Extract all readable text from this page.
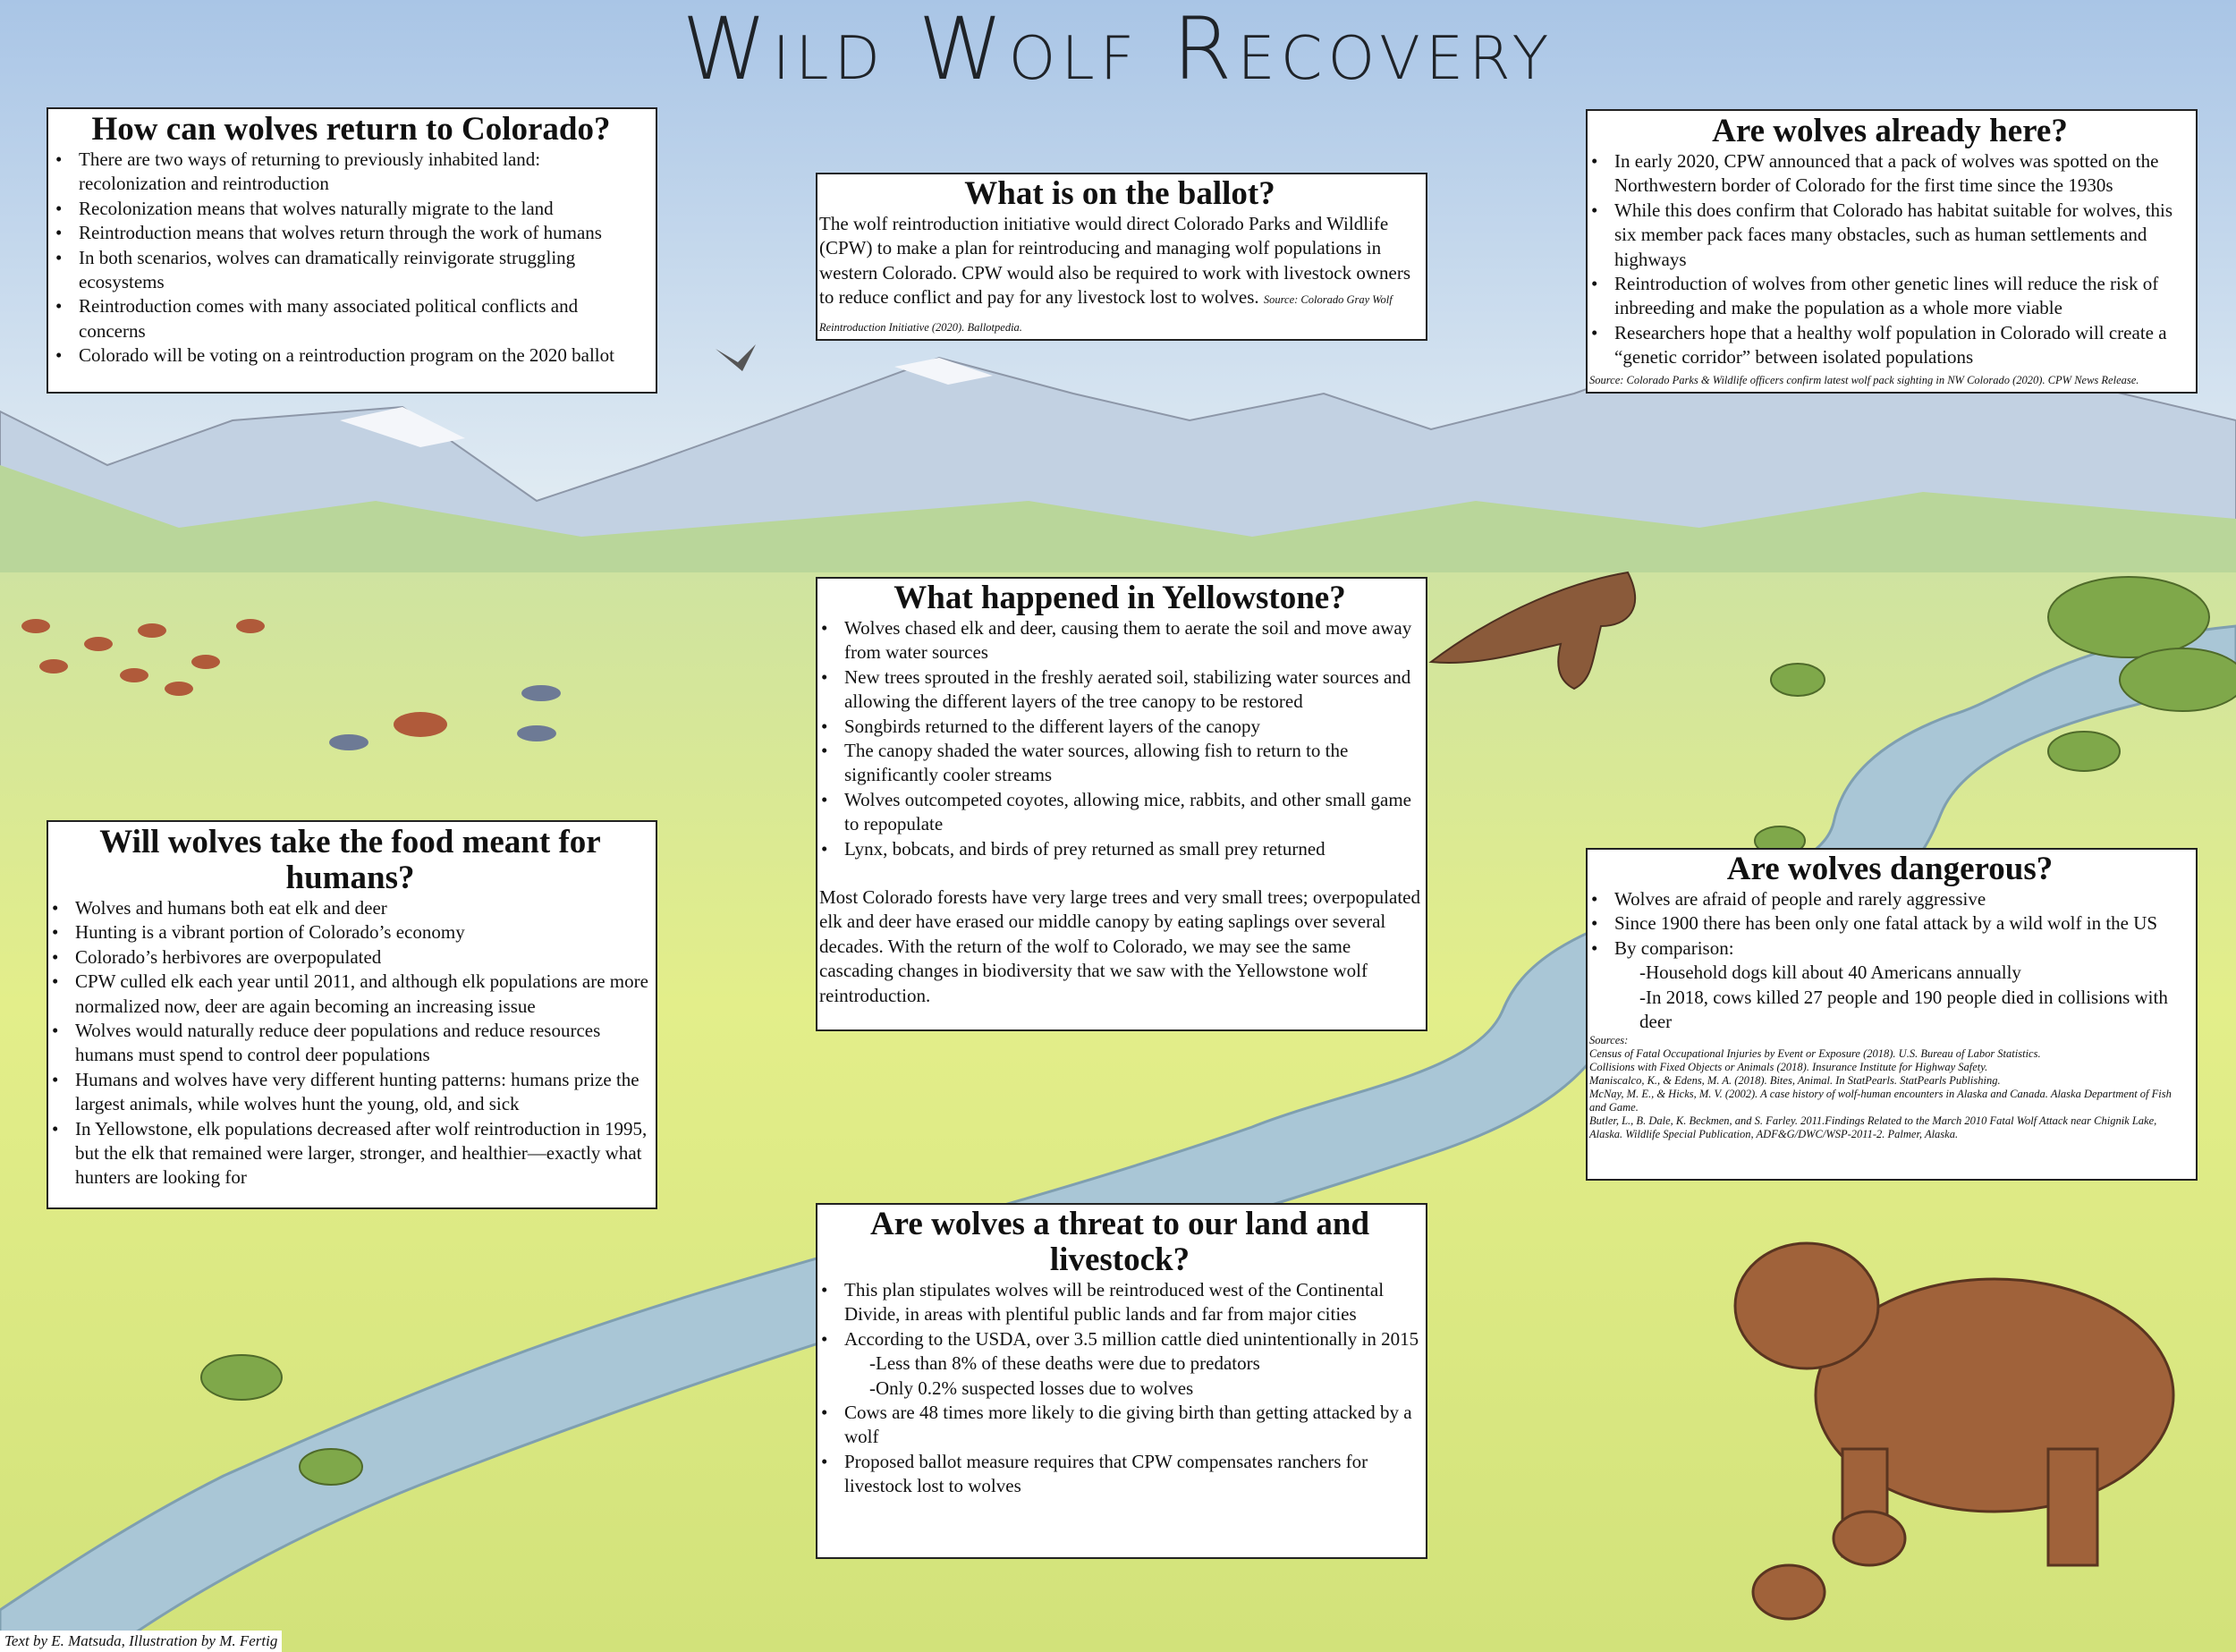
Wild Wolf Recovery
How can wolves return to Colorado?
• There are two ways of returning to previously inhabited land: recolonization and reintroduction
• Recolonization means that wolves naturally migrate to the land
• Reintroduction means that wolves return through the work of humans
• In both scenarios, wolves can dramatically reinvigorate struggling ecosystems
• Reintroduction comes with many associated political conflicts and concerns
• Colorado will be voting on a reintroduction program on the 2020 ballot
What is on the ballot?

The wolf reintroduction initiative would direct Colorado Parks and Wildlife (CPW) to make a plan for reintroducing and managing wolf populations in western Colorado. CPW would also be required to work with livestock owners to reduce conflict and pay for any livestock lost to wolves. Source: Colorado Gray Wolf Reintroduction Initiative (2020). Ballotpedia.

Are wolves already here?
• In early 2020, CPW announced that a pack of wolves was spotted on the Northwestern border of Colorado for the first time since the 1930s
• While this does confirm that Colorado has habitat suitable for wolves, this six member pack faces many obstacles, such as human settlements and highways
• Reintroduction of wolves from other genetic lines will reduce the risk of inbreeding and make the population as a whole more viable
• Researchers hope that a healthy wolf population in Colorado will create a “genetic corridor” between isolated populations
Source: Colorado Parks & Wildlife officers confirm latest wolf pack sighting in NW Colorado (2020). CPW News Release.
What happened in Yellowstone?
• Wolves chased elk and deer, causing them to aerate the soil and move away from water sources
• New trees sprouted in the freshly aerated soil, stabilizing water sources and allowing the different layers of the tree canopy to be restored
• Songbirds returned to the different layers of the canopy
• The canopy shaded the water sources, allowing fish to return to the significantly cooler streams
• Wolves outcompeted coyotes, allowing mice, rabbits, and other small game to repopulate
• Lynx, bobcats, and birds of prey returned as small prey returned

Most Colorado forests have very large trees and very small trees; overpopulated elk and deer have erased our middle canopy by eating saplings over several decades. With the return of the wolf to Colorado, we may see the same cascading changes in biodiversity that we saw with the Yellowstone wolf reintroduction.

Will wolves take the food meant for humans?
• Wolves and humans both eat elk and deer
• Hunting is a vibrant portion of Colorado’s economy
• Colorado’s herbivores are overpopulated
• CPW culled elk each year until 2011, and although elk populations are more normalized now, deer are again becoming an increasing issue
• Wolves would naturally reduce deer populations and reduce resources humans must spend to control deer populations
• Humans and wolves have very different hunting patterns: humans prize the largest animals, while wolves hunt the young, old, and sick
• In Yellowstone, elk populations decreased after wolf reintroduction in 1995, but the elk that remained were larger, stronger, and healthier—exactly what hunters are looking for
Are wolves dangerous?
• Wolves are afraid of people and rarely aggressive
• Since 1900 there has been only one fatal attack by a wild wolf in the US
• By comparison:
-Household dogs kill about 40 Americans annually
-In 2018, cows killed 27 people and 190 people died in collisions with deer
Sources:
Census of Fatal Occupational Injuries by Event or Exposure (2018). U.S. Bureau of Labor Statistics.
Collisions with Fixed Objects or Animals (2018). Insurance Institute for Highway Safety.
Maniscalco, K., & Edens, M. A. (2018). Bites, Animal. In StatPearls. StatPearls Publishing.
McNay, M. E., & Hicks, M. V. (2002). A case history of wolf-human encounters in Alaska and Canada. Alaska Department of Fish and Game.
Butler, L., B. Dale, K. Beckmen, and S. Farley. 2011.Findings Related to the March 2010 Fatal Wolf Attack near Chignik Lake, Alaska. Wildlife Special Publication, ADF&G/DWC/WSP-2011-2. Palmer, Alaska.
Are wolves a threat to our land and livestock?
• This plan stipulates wolves will be reintroduced west of the Continental Divide, in areas with plentiful public lands and far from major cities
• According to the USDA, over 3.5 million cattle died unintentionally in 2015
-Less than 8% of these deaths were due to predators
-Only 0.2% suspected losses due to wolves
• Cows are 48 times more likely to die giving birth than getting attacked by a wolf
• Proposed ballot measure requires that CPW compensates ranchers for livestock lost to wolves
Text by E. Matsuda, Illustration by M. Fertig
